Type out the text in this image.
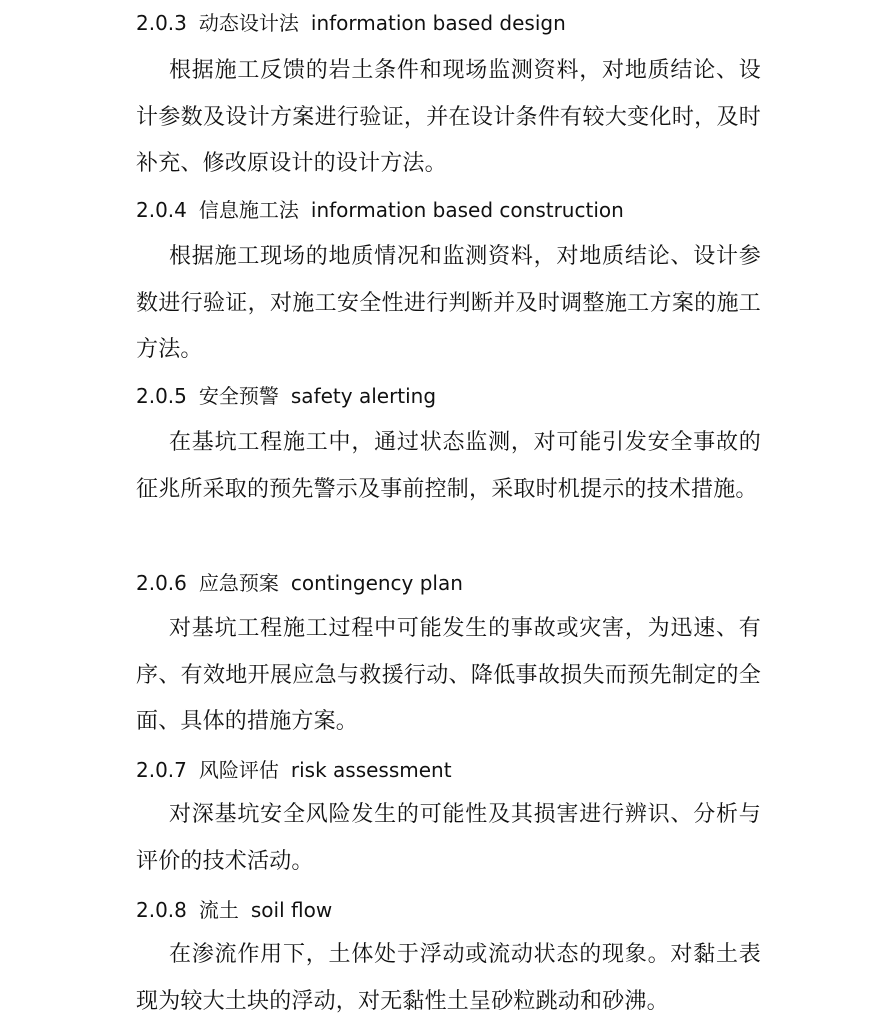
2.0.3 动态设计法 information based design

根据施工反馈的岩土条件和现场监测资料，对地质结论、设计参数及设计方案进行验证，并在设计条件有较大变化时，及时补充、修改原设计的设计方法。

2.0.4 信息施工法 information based construction

根据施工现场的地质情况和监测资料，对地质结论、设计参数进行验证，对施工安全性进行判断并及时调整施工方案的施工方法。

2.0.5 安全预警 safety alerting

在基坑工程施工中，通过状态监测，对可能引发安全事故的征兆所采取的预先警示及事前控制，采取时机提示的技术措施。

2.0.6 应急预案 contingency plan

对基坑工程施工过程中可能发生的事故或灾害，为迅速、有序、有效地开展应急与救援行动、降低事故损失而预先制定的全面、具体的措施方案。

2.0.7 风险评估 risk assessment

对深基坑安全风险发生的可能性及其损害进行辨识、分析与评价的技术活动。

2.0.8 流土 soil flow

在渗流作用下，土体处于浮动或流动状态的现象。对黏土表现为较大土块的浮动，对无黏性土呈砂粒跳动和砂沸。
